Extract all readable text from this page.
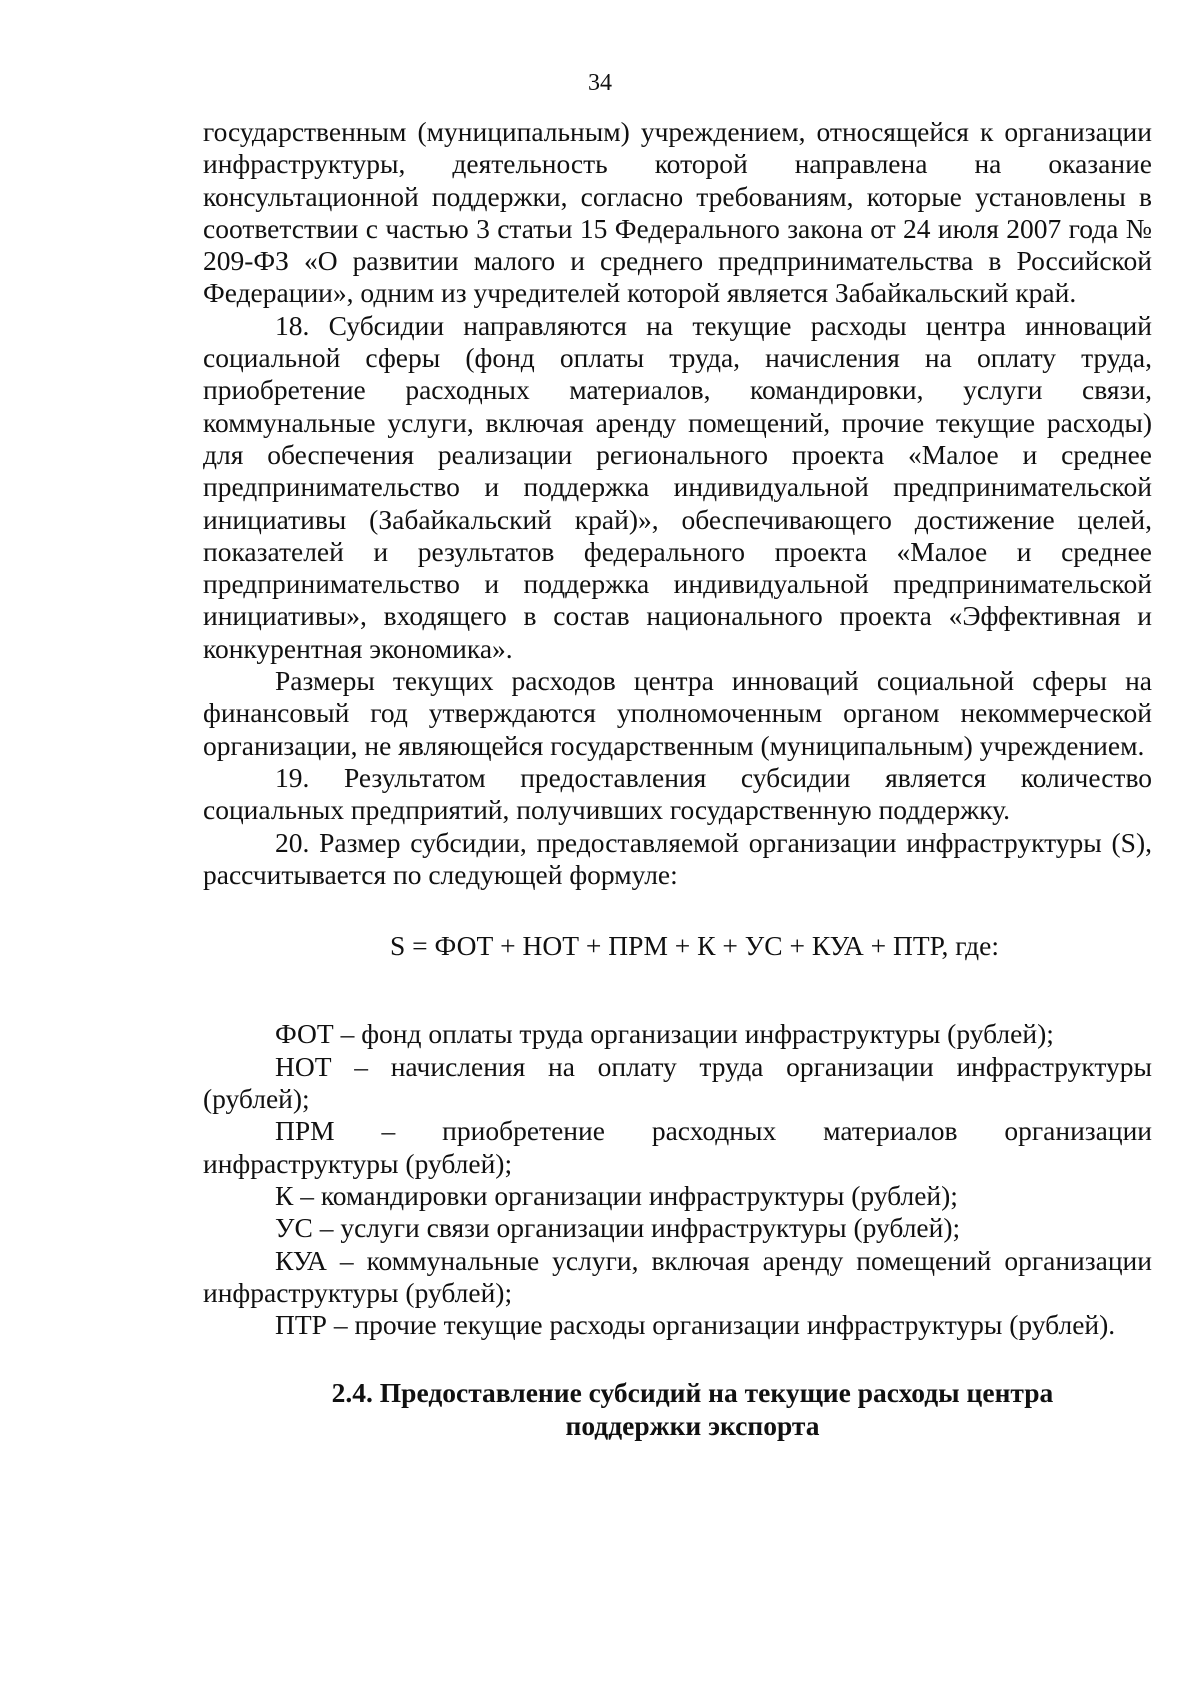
34

государственным (муниципальным) учреждением, относящейся к организации инфраструктуры, деятельность которой направлена на оказание консультационной поддержки, согласно требованиям, которые установлены в соответствии с частью 3 статьи 15 Федерального закона от 24 июля 2007 года № 209-ФЗ «О развитии малого и среднего предпринимательства в Российской Федерации», одним из учредителей которой является Забайкальский край.

18. Субсидии направляются на текущие расходы центра инноваций социальной сферы (фонд оплаты труда, начисления на оплату труда, приобретение расходных материалов, командировки, услуги связи, коммунальные услуги, включая аренду помещений, прочие текущие расходы) для обеспечения реализации регионального проекта «Малое и среднее предпринимательство и поддержка индивидуальной предпринимательской инициативы (Забайкальский край)», обеспечивающего достижение целей, показателей и результатов федерального проекта «Малое и среднее предпринимательство и поддержка индивидуальной предпринимательской инициативы», входящего в состав национального проекта «Эффективная и конкурентная экономика».

Размеры текущих расходов центра инноваций социальной сферы на финансовый год утверждаются уполномоченным органом некоммерческой организации, не являющейся государственным (муниципальным) учреждением.

19. Результатом предоставления субсидии является количество социальных предприятий, получивших государственную поддержку.

20. Размер субсидии, предоставляемой организации инфраструктуры (S), рассчитывается по следующей формуле:

S = ФОТ + НОТ + ПРМ + К + УС + КУА + ПТР, где:

ФОТ – фонд оплаты труда организации инфраструктуры (рублей);

НОТ – начисления на оплату труда организации инфраструктуры (рублей);

ПРМ – приобретение расходных материалов организации инфраструктуры (рублей);

К – командировки организации инфраструктуры (рублей);

УС – услуги связи организации инфраструктуры (рублей);

КУА – коммунальные услуги, включая аренду помещений организации инфраструктуры (рублей);

ПТР – прочие текущие расходы организации инфраструктуры (рублей).

2.4. Предоставление субсидий на текущие расходы центра
поддержки экспорта
